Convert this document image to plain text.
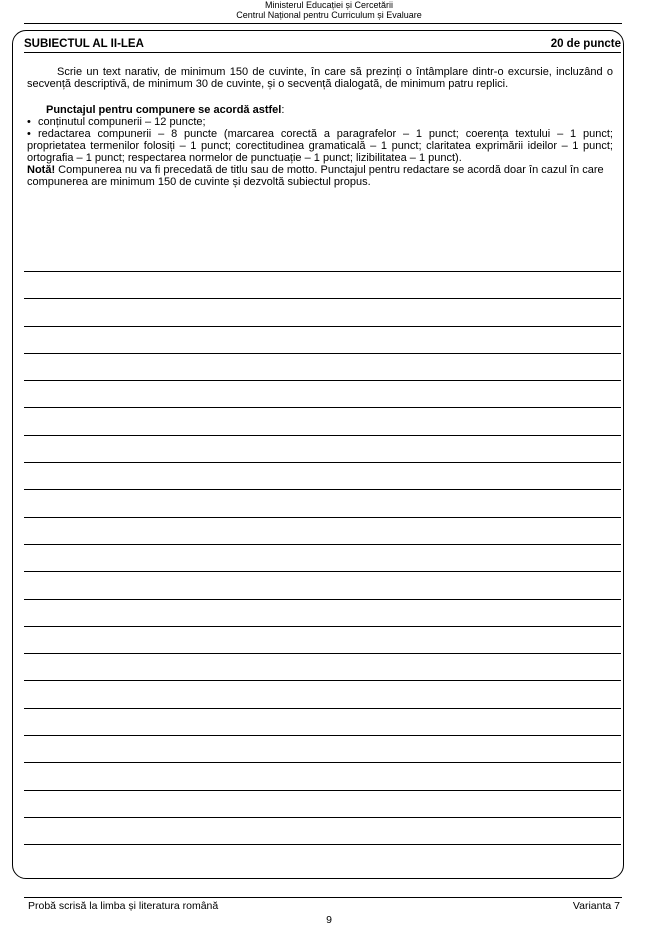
Ministerul Educației și Cercetării
Centrul Național pentru Curriculum și Evaluare
SUBIECTUL AL II-LEA	20 de puncte

Scrie un text narativ, de minimum 150 de cuvinte, în care să prezinți o întâmplare dintr-o excursie, incluzând o secvență descriptivă, de minimum 30 de cuvinte, și o secvență dialogată, de minimum patru replici.

Punctajul pentru compunere se acordă astfel:

• conținutul compunerii – 12 puncte;

• redactarea compunerii – 8 puncte (marcarea corectă a paragrafelor – 1 punct; coerența textului – 1 punct; proprietatea termenilor folosiți – 1 punct; corectitudinea gramaticală – 1 punct; claritatea exprimării ideilor – 1 punct; ortografia – 1 punct; respectarea normelor de punctuație – 1 punct; lizibilitatea – 1 punct).

Notă! Compunerea nu va fi precedată de titlu sau de motto. Punctajul pentru redactare se acordă doar în cazul în care compunerea are minimum 150 de cuvinte și dezvoltă subiectul propus.

Probă scrisă la limba și literatura română	Varianta 7
9
